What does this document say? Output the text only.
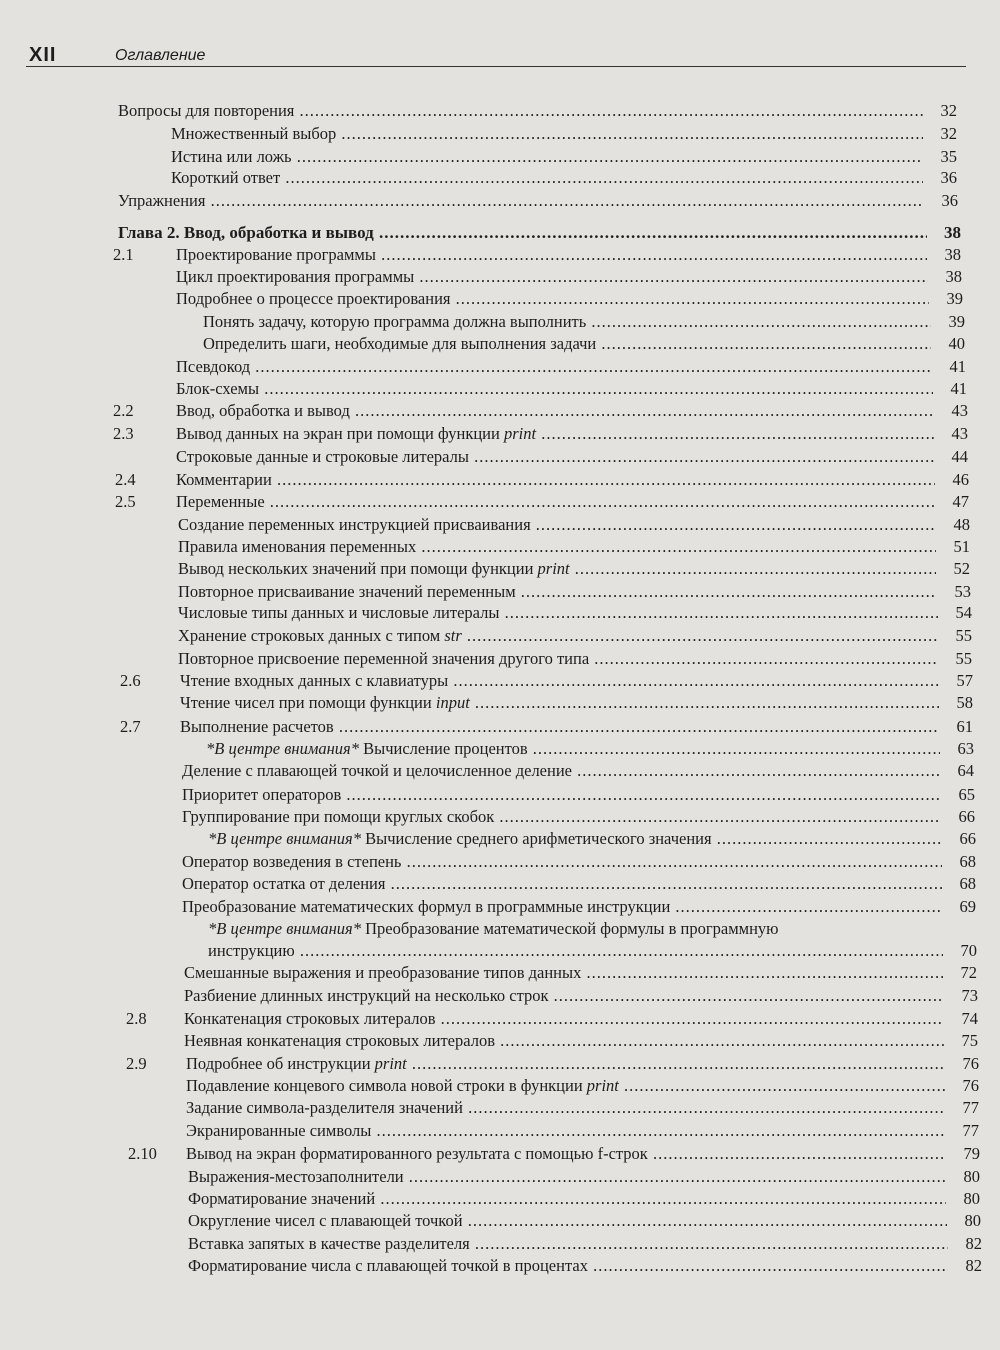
XII	Оглавление
Вопросы для повторения .....	32
Множественный выбор .....	32
Истина или ложь .....	35
Короткий ответ .....	36
Упражнения .....	36
Глава 2. Ввод, обработка и вывод .....	38
2.1	Проектирование программы .....	38
Цикл проектирования программы .....	38
Подробнее о процессе проектирования .....	39
Понять задачу, которую программа должна выполнить .....	39
Определить шаги, необходимые для выполнения задачи .....	40
Псевдокод .....	41
Блок-схемы .....	41
2.2	Ввод, обработка и вывод .....	43
2.3	Вывод данных на экран при помощи функции print .....	43
Строковые данные и строковые литералы .....	44
2.4 Комментарии .....	46
2.5 Переменные .....	47
Создание переменных инструкцией присваивания .....	48
Правила именования переменных .....	51
Вывод нескольких значений при помощи функции print .....	52
Повторное присваивание значений переменным .....	53
Числовые типы данных и числовые литералы .....	54
Хранение строковых данных с типом str .....	55
Повторное присвоение переменной значения другого типа .....	55
2.6 Чтение входных данных с клавиатуры .....	57
Чтение чисел при помощи функции input .....	58
2.7 Выполнение расчетов .....	61
*В центре внимания* Вычисление процентов .....	63
Деление с плавающей точкой и целочисленное деление .....	64
Приоритет операторов .....	65
Группирование при помощи круглых скобок .....	66
*В центре внимания* Вычисление среднего арифметического значения .....	66
Оператор возведения в степень .....	68
Оператор остатка от деления .....	68
Преобразование математических формул в программные инструкции .....	69
*В центре внимания* Преобразование математической формулы в программную
инструкцию .....	70
Смешанные выражения и преобразование типов данных .....	72
Разбиение длинных инструкций на несколько строк .....	73
2.8 Конкатенация строковых литералов .....	74
Неявная конкатенация строковых литералов .....	75
2.9 Подробнее об инструкции print .....	76
Подавление концевого символа новой строки в функции print .....	76
Задание символа-разделителя значений .....	77
Экранированные символы .....	77
2.10 Вывод на экран форматированного результата с помощью f-строк .....	79
Выражения-местозаполнители .....	80
Форматирование значений .....	80
Округление чисел с плавающей точкой .....	80
Вставка запятых в качестве разделителя .....	82
Форматирование числа с плавающей точкой в процентах .....	82
